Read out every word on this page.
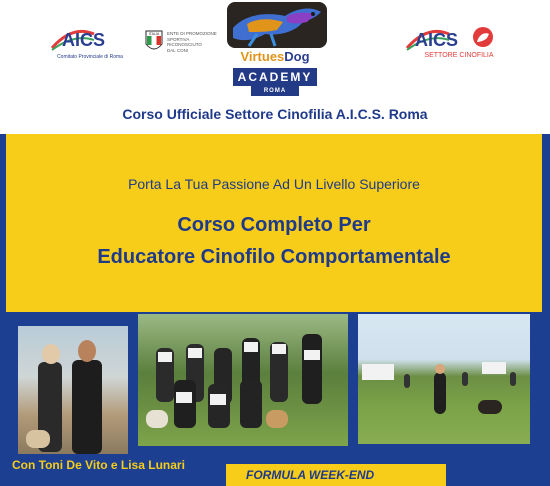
AICS
Comitato Provinciale di Roma
ITALIA ENTE DI PROMOZIONE
SPORTIVA
RICONOSCIUTO
DAL CONI	VirtuesDog
ACADEMY
ROMA
AICS
SETTORE CINOFILIA
Corso Ufficiale Settore Cinofilia A.I.C.S. Roma
Porta La Tua Passione Ad Un Livello Superiore
Corso Completo Per
Educatore Cinofilo Comportamentale
Con Toni De Vito e Lisa Lunari
FORMULA WEEK-END
